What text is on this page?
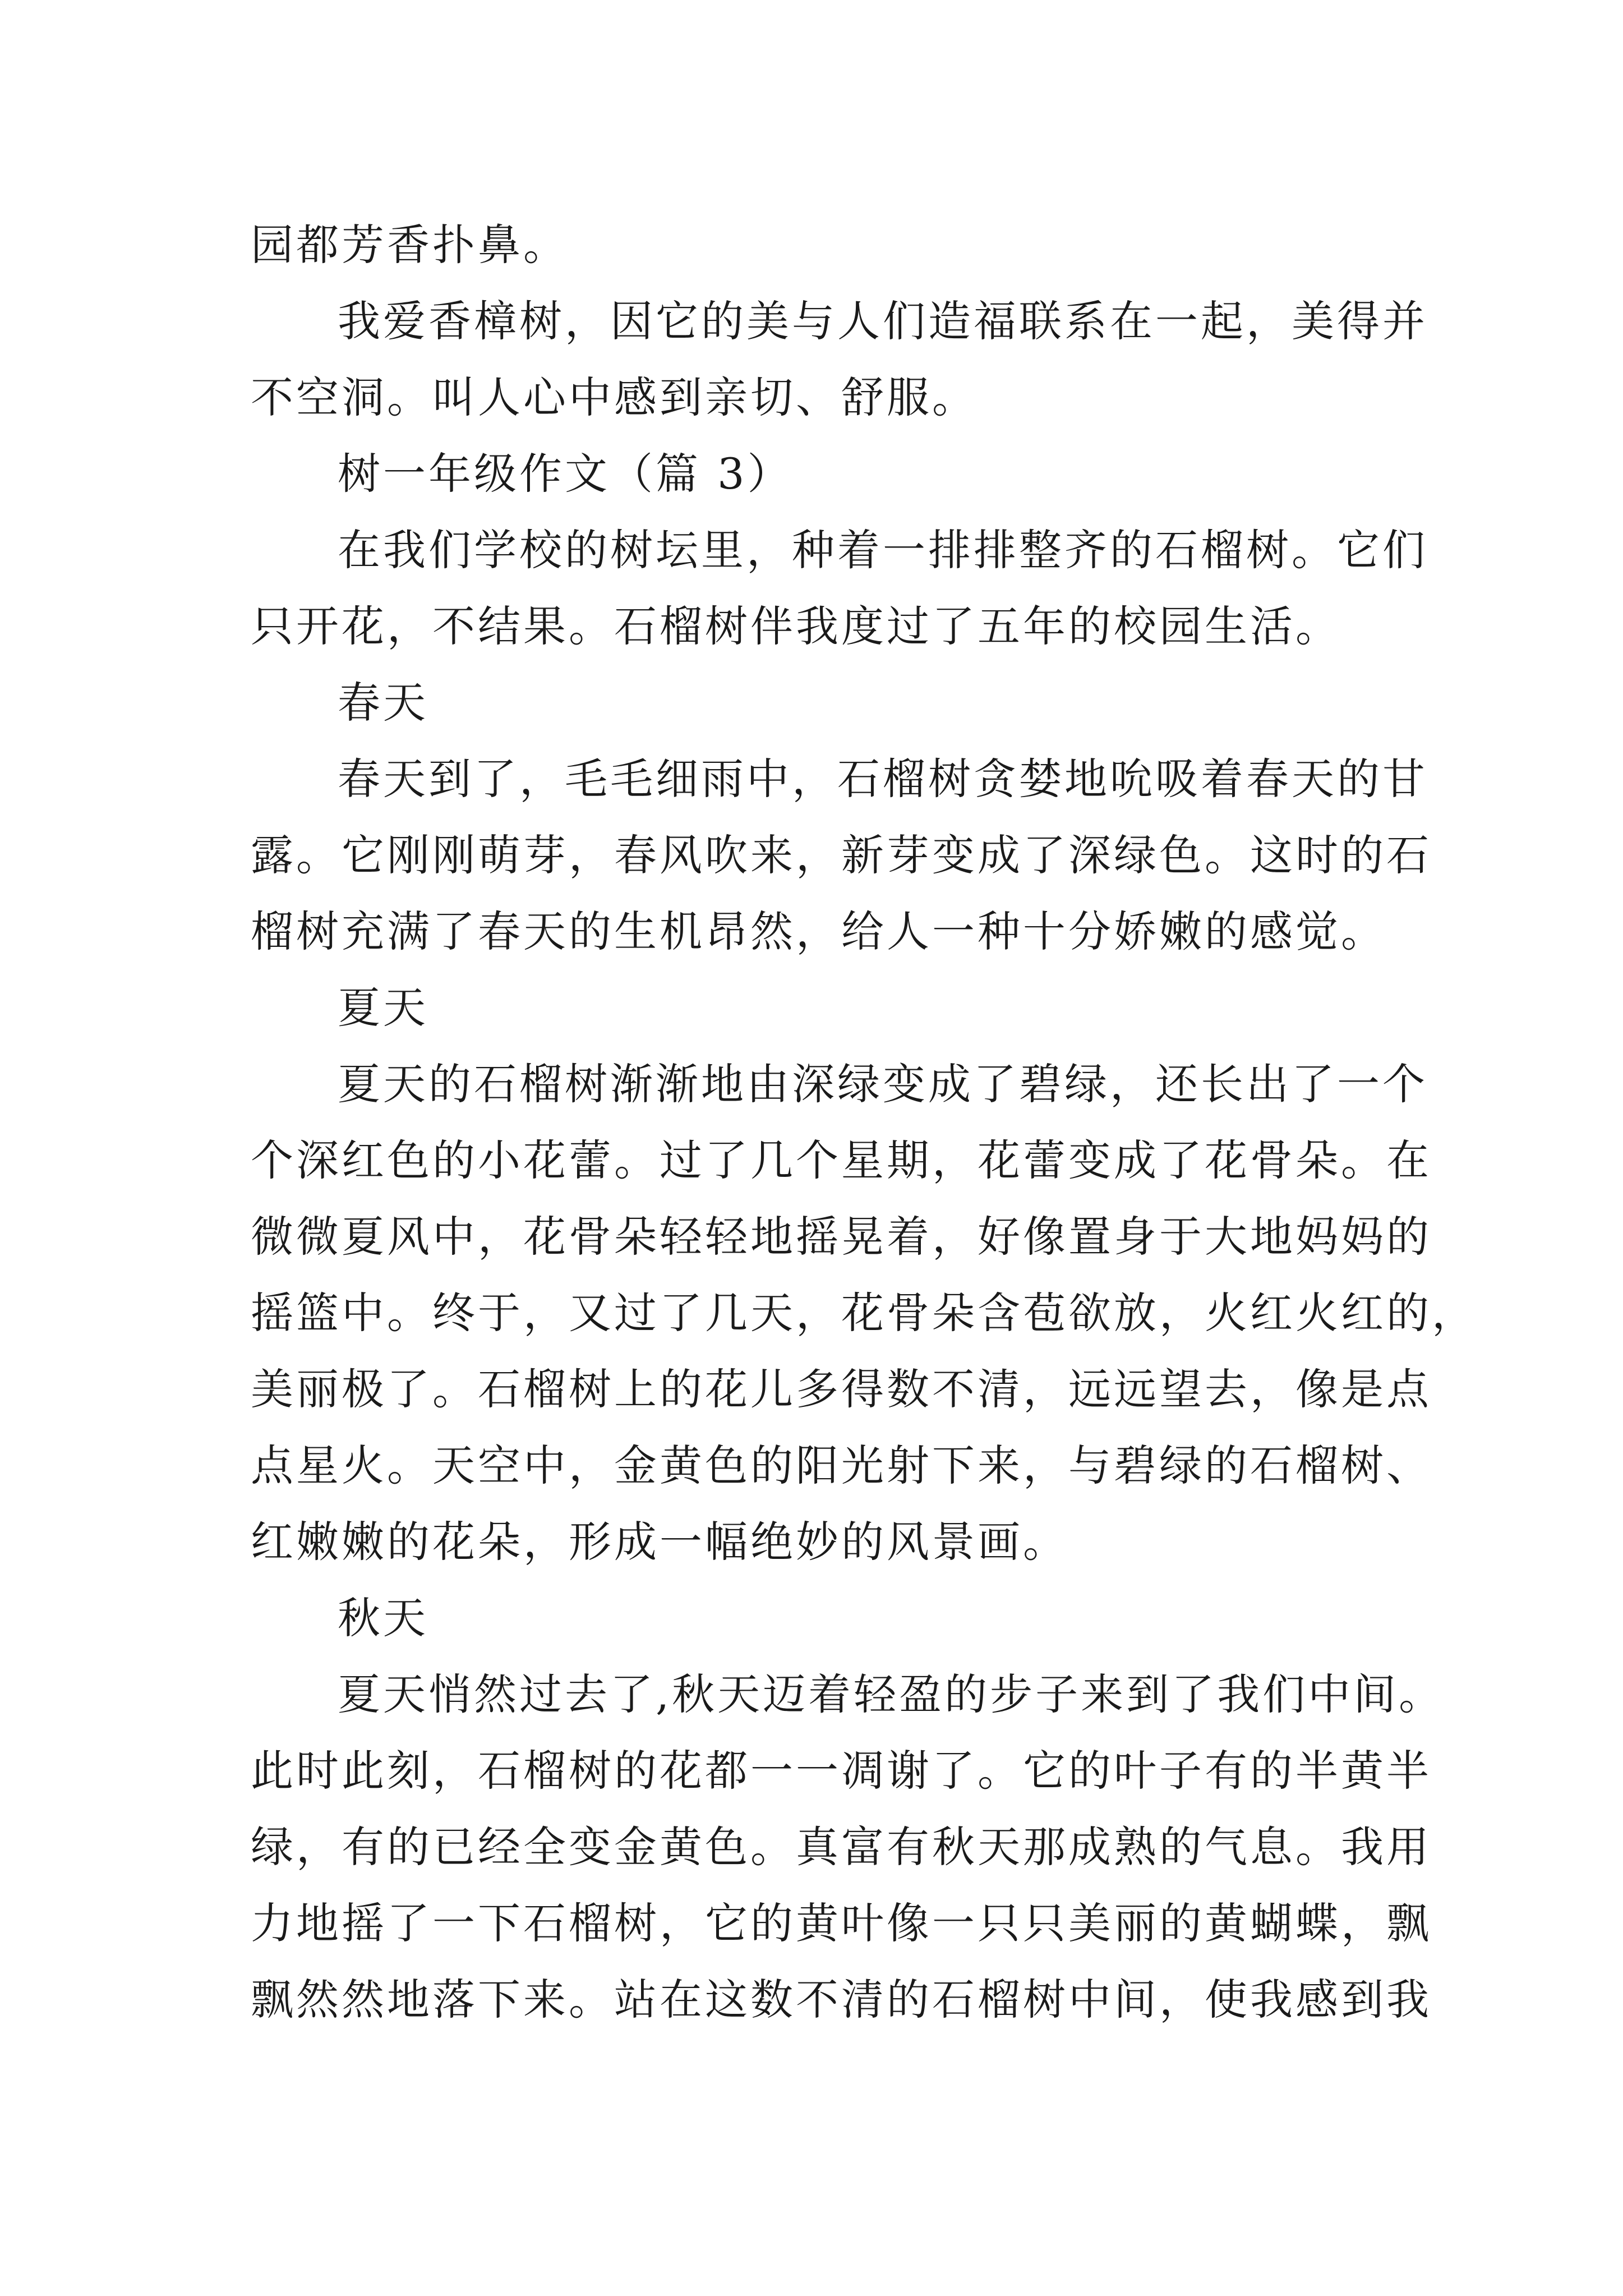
园都芳香扑鼻。
我爱香樟树，因它的美与人们造福联系在一起，美得并
不空洞。叫人心中感到亲切、舒服。
树一年级作文（篇 3）
在我们学校的树坛里，种着一排排整齐的石榴树。它们
只开花，不结果。石榴树伴我度过了五年的校园生活。
春天
春天到了，毛毛细雨中，石榴树贪婪地吮吸着春天的甘
露。它刚刚萌芽，春风吹来，新芽变成了深绿色。这时的石
榴树充满了春天的生机昂然，给人一种十分娇嫩的感觉。
夏天
夏天的石榴树渐渐地由深绿变成了碧绿，还长出了一个
个深红色的小花蕾。过了几个星期，花蕾变成了花骨朵。在
微微夏风中，花骨朵轻轻地摇晃着，好像置身于大地妈妈的
摇篮中。终于，又过了几天，花骨朵含苞欲放，火红火红的，
美丽极了。石榴树上的花儿多得数不清，远远望去，像是点
点星火。天空中，金黄色的阳光射下来，与碧绿的石榴树、
红嫩嫩的花朵，形成一幅绝妙的风景画。
秋天
夏天悄然过去了,秋天迈着轻盈的步子来到了我们中间。
此时此刻，石榴树的花都一一凋谢了。它的叶子有的半黄半
绿，有的已经全变金黄色。真富有秋天那成熟的气息。我用
力地摇了一下石榴树，它的黄叶像一只只美丽的黄蝴蝶，飘
飘然然地落下来。站在这数不清的石榴树中间，使我感到我
